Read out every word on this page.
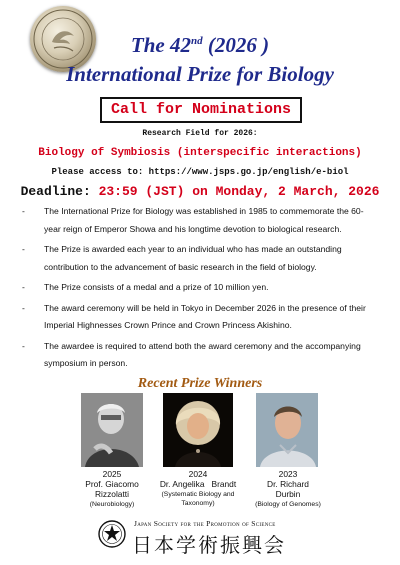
The 42nd (2026 )
International Prize for Biology
Call for Nominations
Research Field for 2026:
Biology of Symbiosis (interspecific interactions)
Please access to: https://www.jsps.go.jp/english/e-biol
Deadline: 23:59 (JST) on Monday, 2 March, 2026
- The International Prize for Biology was established in 1985 to commemorate the 60-year reign of Emperor Showa and his longtime devotion to biological research.
- The Prize is awarded each year to an individual who has made an outstanding contribution to the advancement of basic research in the field of biology.
- The Prize consists of a medal and a prize of 10 million yen.
- The award ceremony will be held in Tokyo in December 2026 in the presence of their Imperial Highnesses Crown Prince and Crown Princess Akishino.
- The awardee is required to attend both the award ceremony and the accompanying symposium in person.
Recent Prize Winners
2025
Prof. Giacomo
Rizzolatti
(Neurobiology)
2024
Dr. Angelika   Brandt
(Systematic Biology and Taxonomy)
2023
Dr. Richard
Durbin
(Biology of Genomes)
Japan Society for the Promotion of Science
日本学術振興会
